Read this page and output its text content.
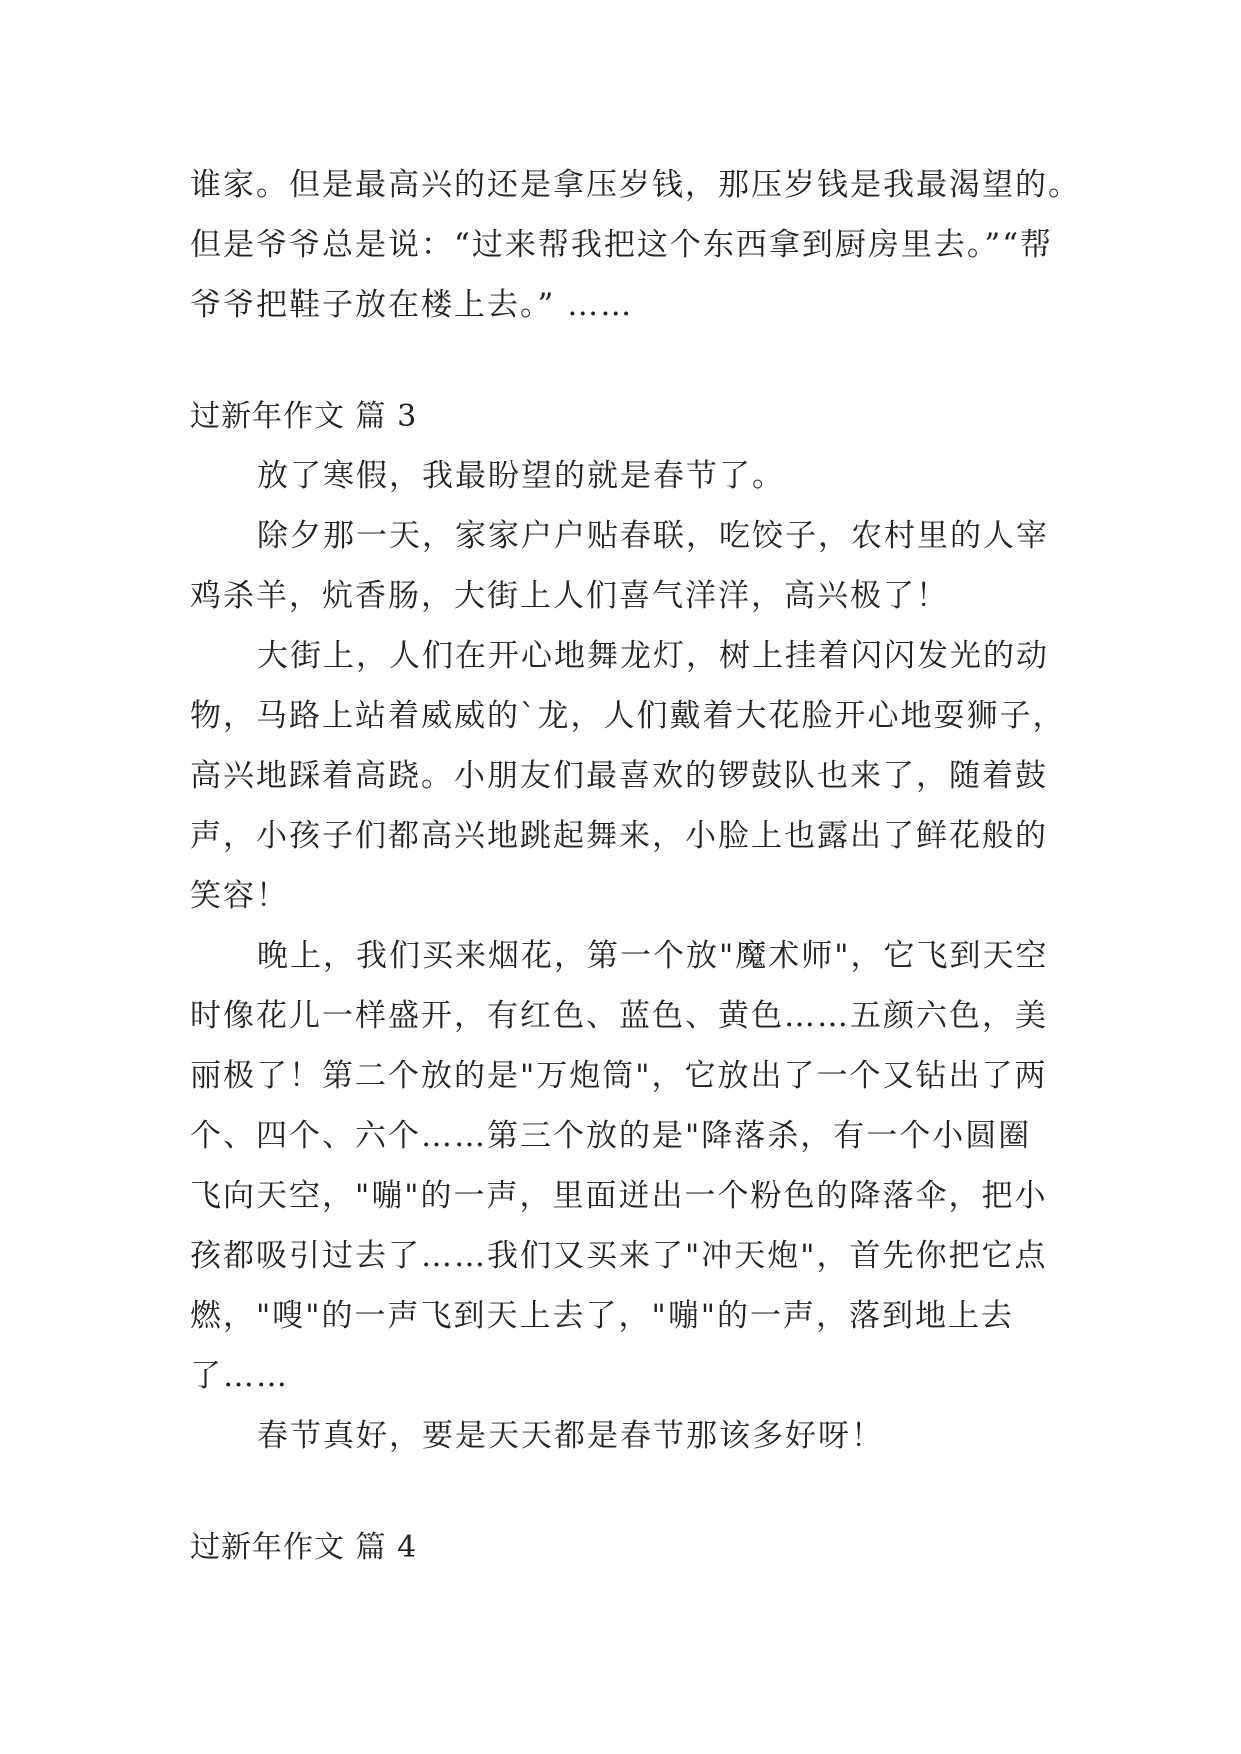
谁家。但是最高兴的还是拿压岁钱，那压岁钱是我最渴望的。
但是爷爷总是说：“过来帮我把这个东西拿到厨房里去。”“帮
爷爷把鞋子放在楼上去。” ……
过新年作文 篇 3
放了寒假，我最盼望的就是春节了。
除夕那一天，家家户户贴春联，吃饺子，农村里的人宰
鸡杀羊，炕香肠，大街上人们喜气洋洋，高兴极了！
大街上，人们在开心地舞龙灯，树上挂着闪闪发光的动
物，马路上站着威威的`龙，人们戴着大花脸开心地耍狮子，
高兴地踩着高跷。小朋友们最喜欢的锣鼓队也来了，随着鼓
声，小孩子们都高兴地跳起舞来，小脸上也露出了鲜花般的
笑容！
晚上，我们买来烟花，第一个放"魔术师"，它飞到天空
时像花儿一样盛开，有红色、蓝色、黄色……五颜六色，美
丽极了！第二个放的是"万炮筒"，它放出了一个又钻出了两
个、四个、六个……第三个放的是"降落杀，有一个小圆圈
飞向天空，"嘣"的一声，里面迸出一个粉色的降落伞，把小
孩都吸引过去了……我们又买来了"冲天炮"，首先你把它点
燃，"嗖"的一声飞到天上去了，"嘣"的一声，落到地上去
了……
春节真好，要是天天都是春节那该多好呀！
过新年作文 篇 4
